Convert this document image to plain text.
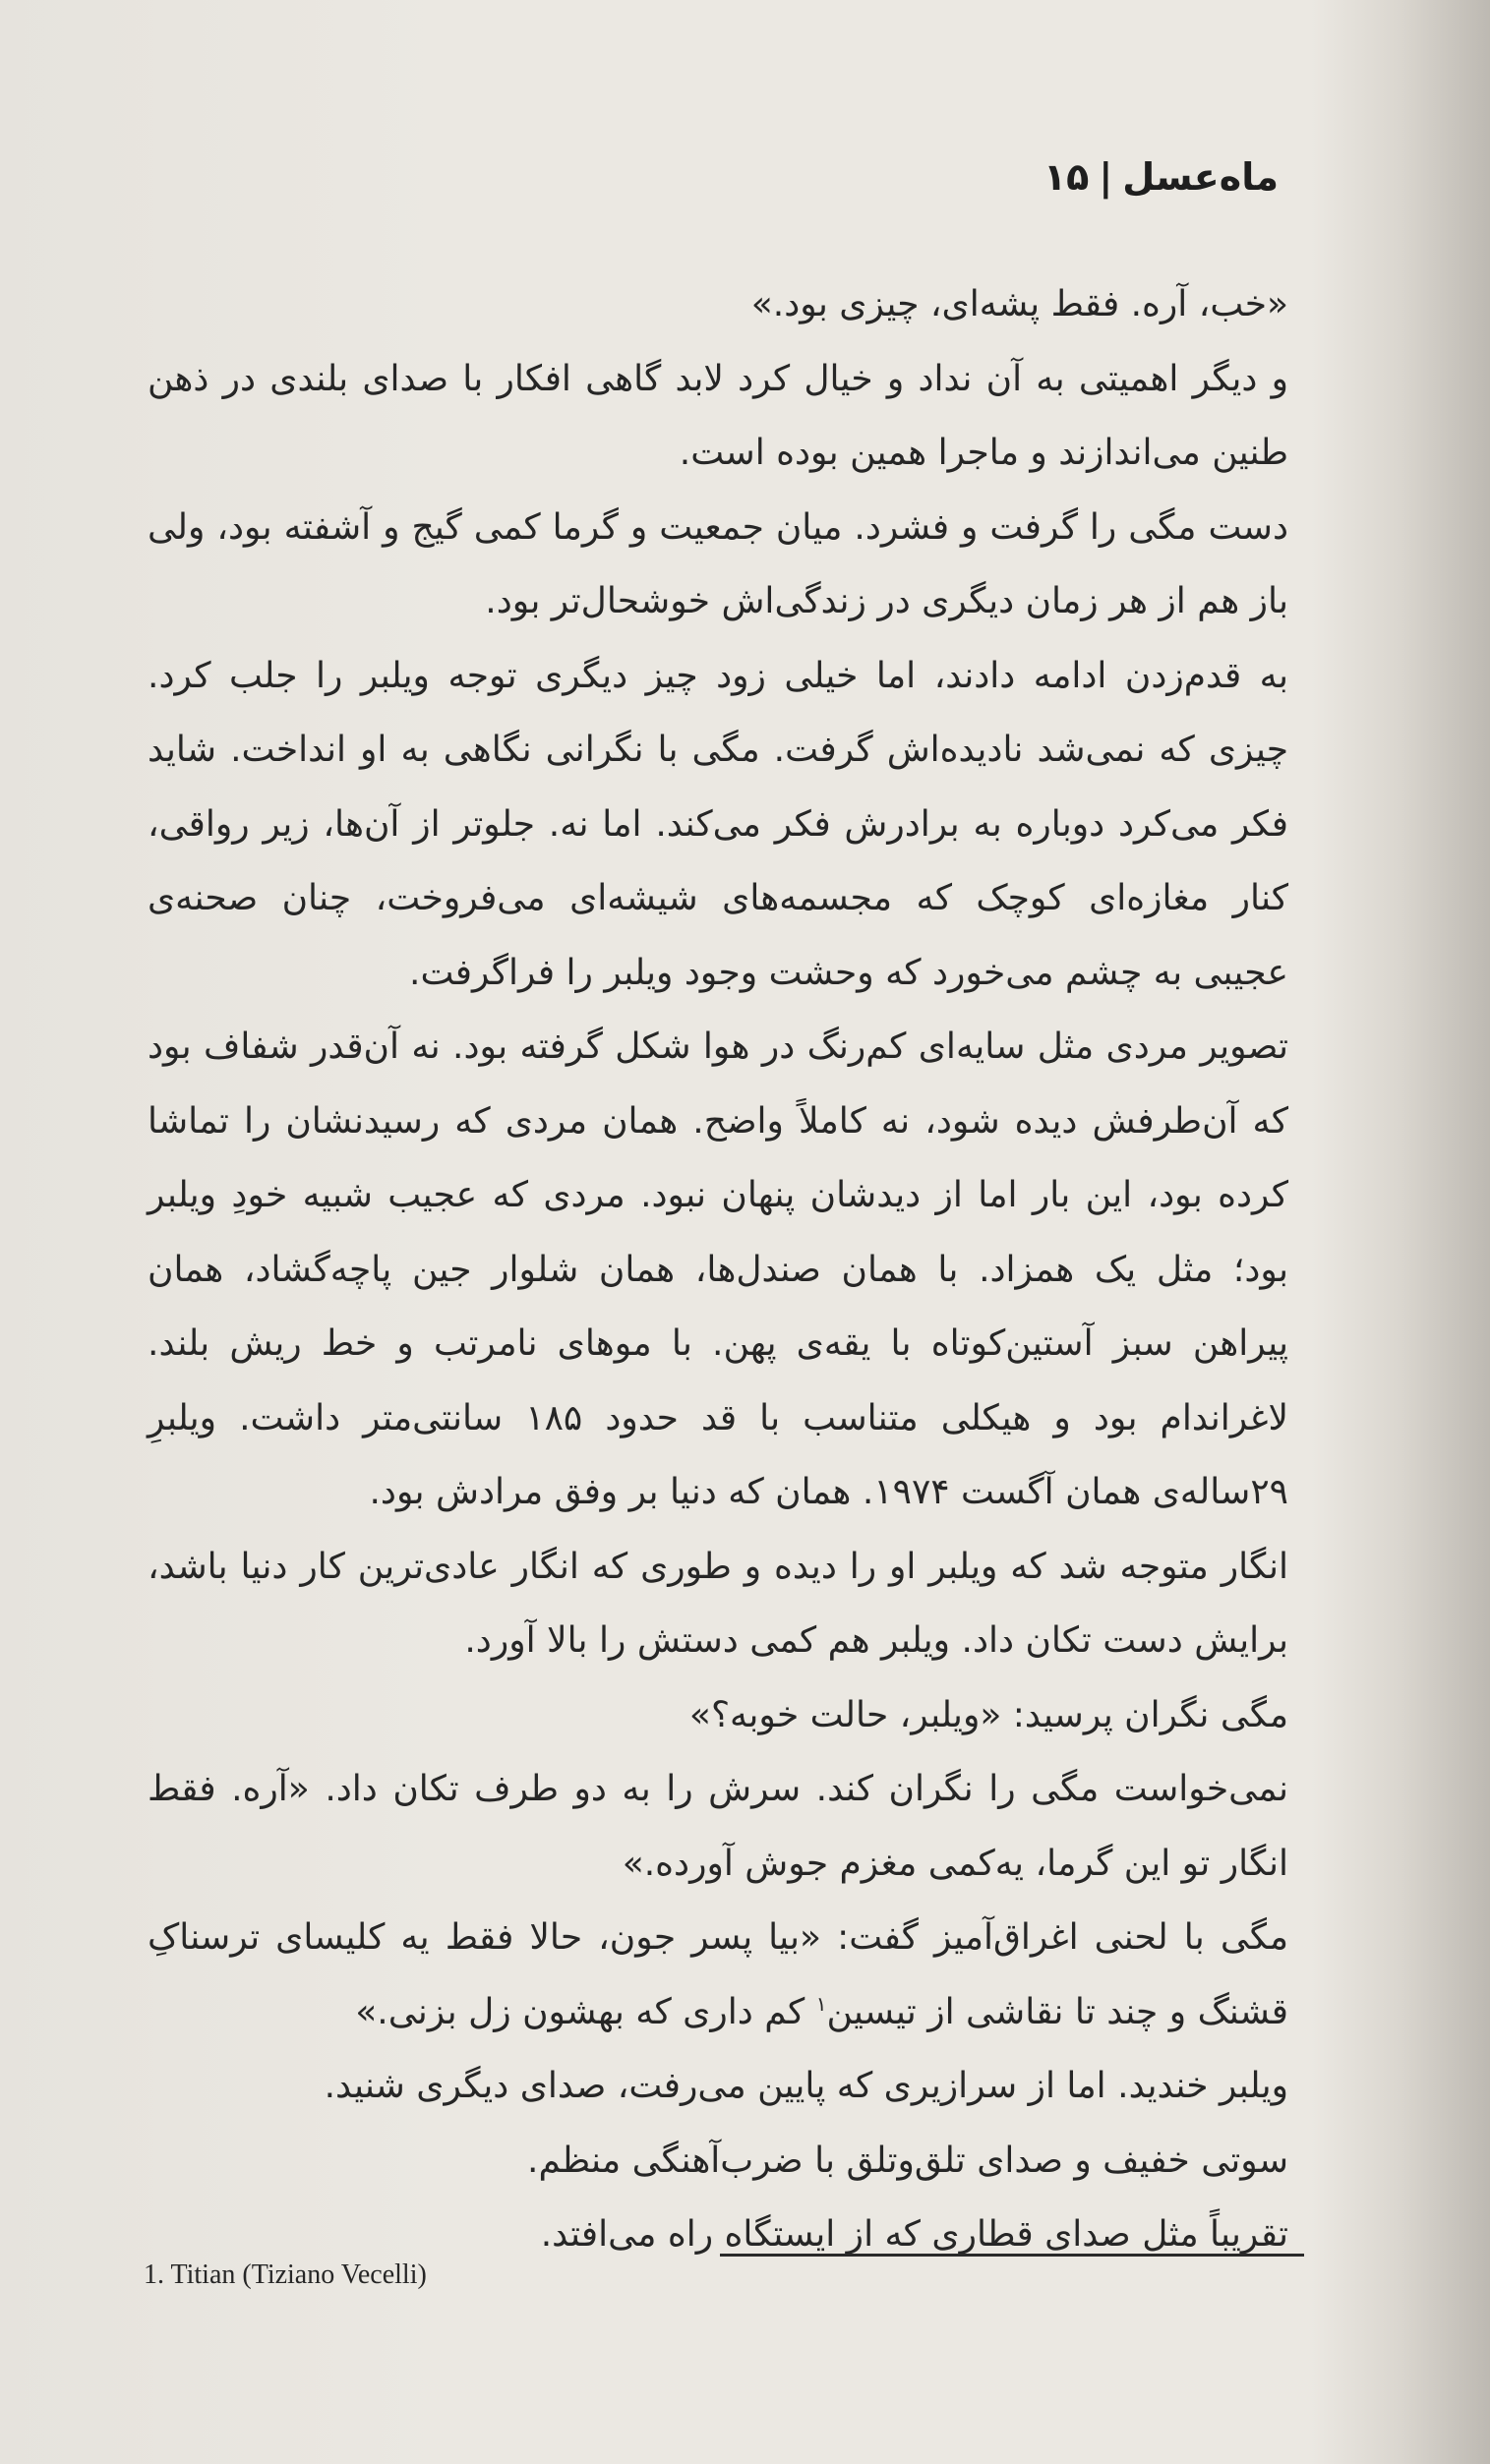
ماه‌عسل|۱۵

«خب، آره. فقط پشه‌ای، چیزی بود.»

و دیگر اهمیتی به آن نداد و خیال کرد لابد گاهی افکار با صدای بلندی در ذهن طنین می‌اندازند و ماجرا همین بوده است.

دست مگی را گرفت و فشرد. میان جمعیت و گرما کمی گیج و آشفته بود، ولی باز هم از هر زمان دیگری در زندگی‌اش خوشحال‌تر بود.

به قدم‌زدن ادامه دادند، اما خیلی زود چیز دیگری توجه ویلبر را جلب کرد. چیزی که نمی‌شد نادیده‌اش گرفت. مگی با نگرانی نگاهی به او انداخت. شاید فکر می‌کرد دوباره به برادرش فکر می‌کند. اما نه. جلوتر از آن‌ها، زیر رواقی، کنار مغازه‌ای کوچک که مجسمه‌های شیشه‌ای می‌فروخت، چنان صحنه‌ی عجیبی به چشم می‌خورد که وحشت وجود ویلبر را فراگرفت.

تصویر مردی مثل سایه‌ای کم‌رنگ در هوا شکل گرفته بود. نه آن‌قدر شفاف بود که آن‌طرفش دیده شود، نه کاملاً واضح. همان مردی که رسیدنشان را تماشا کرده بود، این بار اما از دیدشان پنهان نبود. مردی که عجیب شبیه خودِ ویلبر بود؛ مثل یک همزاد. با همان صندل‌ها، همان شلوار جین پاچه‌گشاد، همان پیراهن سبز آستین‌کوتاه با یقه‌ی پهن. با موهای نامرتب و خط ریش بلند. لاغراندام بود و هیکلی متناسب با قد حدود ۱۸۵ سانتی‌متر داشت. ویلبرِ ۲۹ساله‌ی همان آگست ۱۹۷۴. همان که دنیا بر وفق مرادش بود.

انگار متوجه شد که ویلبر او را دیده و طوری که انگار عادی‌ترین کار دنیا باشد، برایش دست تکان داد. ویلبر هم کمی دستش را بالا آورد.

مگی نگران پرسید: «ویلبر، حالت خوبه؟»

نمی‌خواست مگی را نگران کند. سرش را به دو طرف تکان داد. «آره. فقط انگار تو این گرما، یه‌کمی مغزم جوش آورده.»

مگی با لحنی اغراق‌آمیز گفت: «بیا پسر جون، حالا فقط یه کلیسای ترسناکِ قشنگ و چند تا نقاشی از تیسین$^۱$ کم داری که بهشون زل بزنی.»

ویلبر خندید. اما از سرازیری که پایین می‌رفت، صدای دیگری شنید.

سوتی خفیف و صدای تلق‌وتلق با ضرب‌آهنگی منظم.

تقریباً مثل صدای قطاری که از ایستگاه راه می‌افتد.

1. Titian (Tiziano Vecelli)
